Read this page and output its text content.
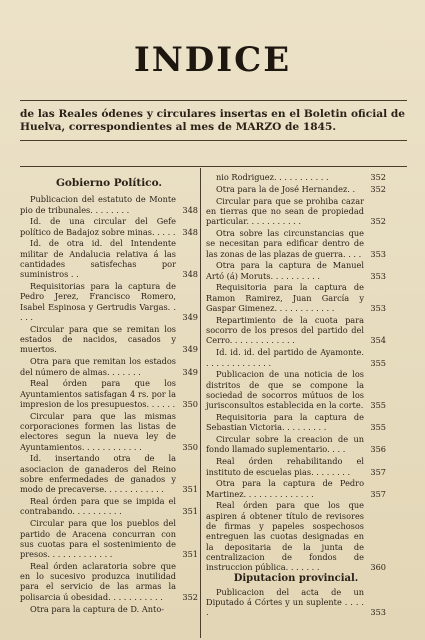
INDICE
de las Reales ódenes y circulares insertas en el Boletin oficial de Huelva, correspondientes al mes de MARZO de 1845.
Gobierno Político.
Publicacion del estatuto de Monte pio de tribunales. . . . . . . .	348
Id. de una circular del Gefe político de Badajoz sobre minas. . . . . 348
Id. de otra id. del Intendente militar de Andalucia relativa á las cantidades satisfechas por suministros . .	348
Requisitorias para la captura de Pedro Jerez, Francisco Romero, Isabel Espinosa y Gertrudis Vargas. . . . .	349
Circular para que se remitan los estados de nacidos, casados y muertos.	349
Otra para que remitan los estados del número de almas. . . . . . .	349
Real órden para que los Ayuntamientos satisfagan 4 rs. por la impresion de los presupuestos. . . . . . 350
Circular para que las mismas corporaciones formen las listas de electores segun la nueva ley de Ayuntamientos. . . . . . . . . . . .	350
Id. insertando otra de la asociacion de ganaderos del Reino sobre enfermedades de ganados y modo de precaverse. . . . . . . . . . . .	351
Real órden para que se impida el contrabando. . . . . . . . . .	351
Circular para que los pueblos del partido de Aracena concurran con sus cuotas para el sostenimiento de presos. . . . . . . . . . . . .	351
Real órden aclaratoria sobre que en lo sucesivo produzca inutilidad para el servicio de las armas la polisarcia ú obesidad. . . . . . . . . . .	352
Otra para la captura de D. Anto-
nio Rodriguez. . . . . . . . . . .	352
Otra para la de José Hernandez. .	352
Circular para que se prohiba cazar en tierras que no sean de propiedad particular. . . . . . . . . . .	352
Otra sobre las circunstancias que se necesitan para edificar dentro de las zonas de las plazas de guerra. . . .	353
Otra para la captura de Manuel Artó (á) Moruts. . . . . . . . . .	353
Requisitoria para la captura de Ramon Ramirez, Juan García y Gaspar Gimenez. . . . . . . . . . . .	353
Repartimiento de la cuota para socorro de los presos del partido del Cerro. . . . . . . . . . . . .	354
Id. id. id. del partido de Ayamonte. . . . . . . . . . . . . .	355
Publicacion de una noticia de los distritos de que se compone la sociedad de socorros mútuos de los jurisconsultos establecida en la corte. 355
Requisitoria para la captura de Sebastian Victoria. . . . . . . . .	355
Circular sobre la creacion de un fondo llamado suplementario. . . .	356
Real órden rehabilitando el instituto de escuelas pias. . . . . . . .	357
Otra para la captura de Pedro Martinez. . . . . . . . . . . . . .	357
Real órden para que los que aspiren á obtener título de revisores de firmas y papeles sospechosos entreguen las cuotas designadas en la depositaria de la junta de centralizacion de fondos de instruccion pública. . . . . . .	360
Diputacion provincial.
Publicacion del acta de un Diputado á Córtes y un suplente . . . . .	353
